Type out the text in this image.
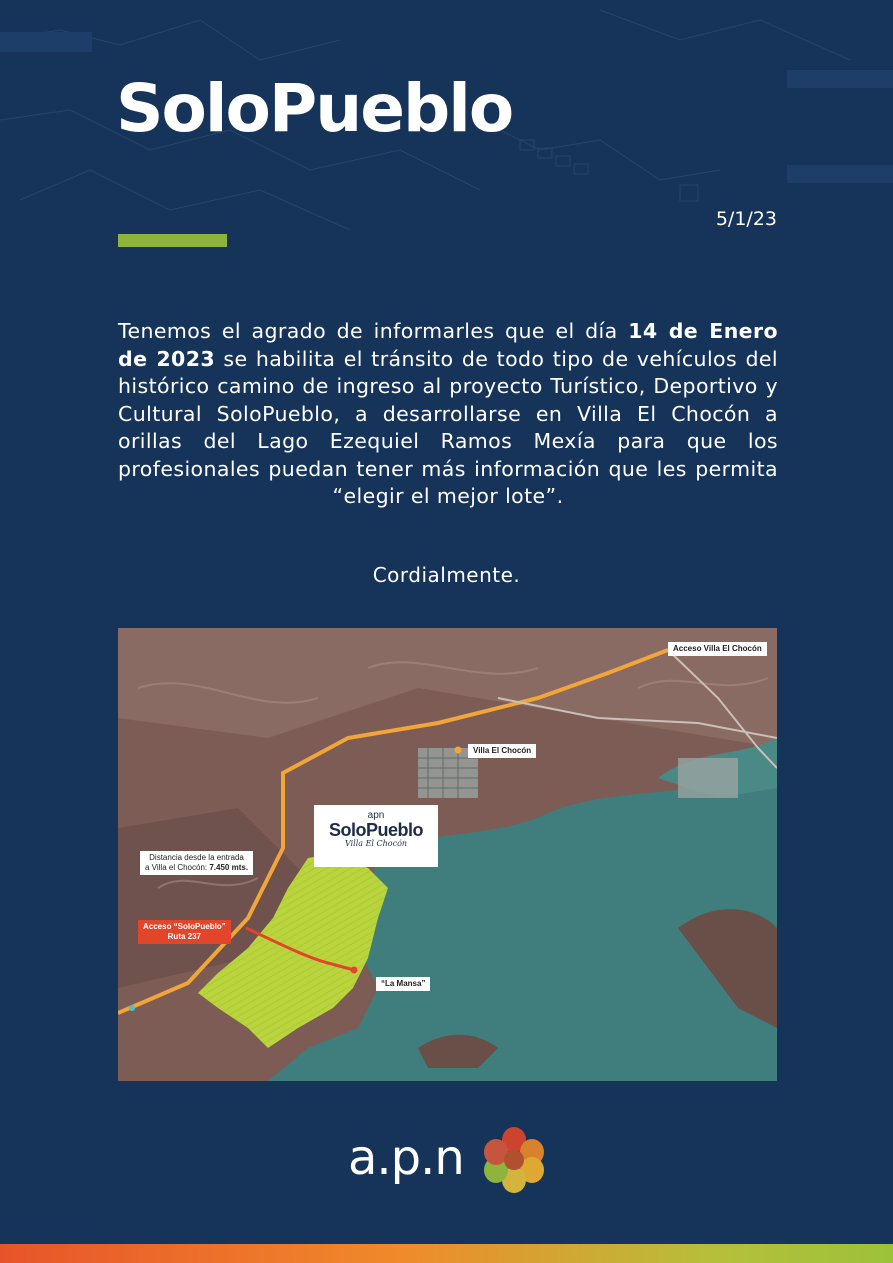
SoloPueblo
5/1/23

Tenemos el agrado de informarles que el día 14 de Enero de 2023 se habilita el tránsito de todo tipo de vehículos del histórico camino de ingreso al proyecto Turístico, Deportivo y Cultural SoloPueblo, a desarrollarse en Villa El Chocón a orillas del Lago Ezequiel Ramos Mexía para que los profesionales puedan tener más información que les permita “elegir el mejor lote”.

Cordialmente.
Acceso Villa El Chocón
Villa El Chocón
Distancia desde la entrada
a Villa el Chocón: 7.450 mts.
Acceso “SoloPueblo”
Ruta 237
“La Mansa”
apn
SoloPueblo
Villa El Chocón
a.p.n
